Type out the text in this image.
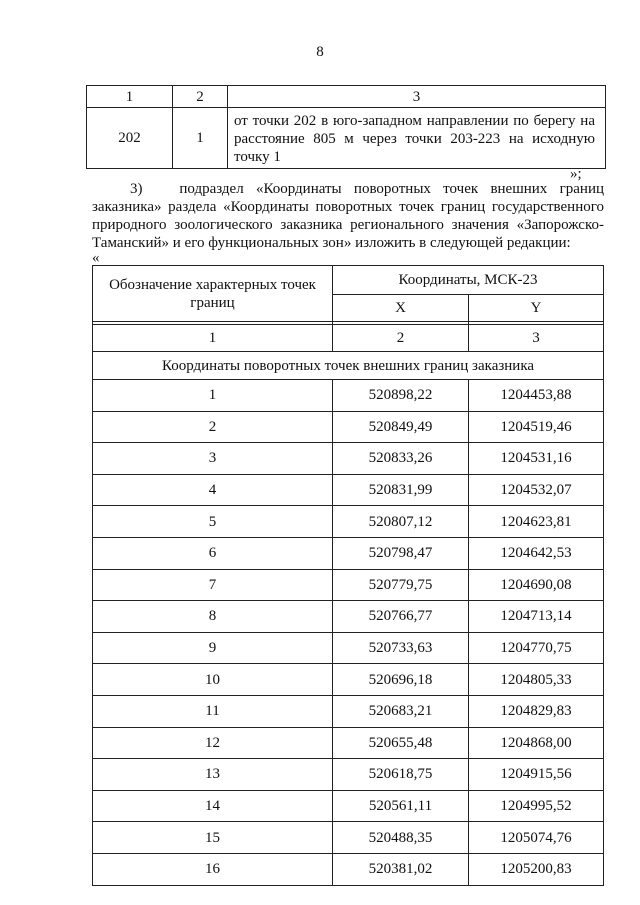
8
1	2	3
202	1	от точки 202 в юго-западном направлении по берегу на расстояние 805 м через точки 203-223 на исходную точку 1
»;
3)   подраздел «Координаты поворотных точек внешних границ заказника» раздела «Координаты поворотных точек границ государственного природного зоологического заказника регионального значения «Запорожско-Таманский» и его функциональных зон» изложить в следующей редакции:
«
Обозначение характерных точек границ	Координаты, МСК-23	
	X	Y

1	2	3
Координаты поворотных точек внешних границ заказника		
1	520898,22	1204453,88
2	520849,49	1204519,46
3	520833,26	1204531,16
4	520831,99	1204532,07
5	520807,12	1204623,81
6	520798,47	1204642,53
7	520779,75	1204690,08
8	520766,77	1204713,14
9	520733,63	1204770,75
10	520696,18	1204805,33
11	520683,21	1204829,83
12	520655,48	1204868,00
13	520618,75	1204915,56
14	520561,11	1204995,52
15	520488,35	1205074,76
16	520381,02	1205200,83
